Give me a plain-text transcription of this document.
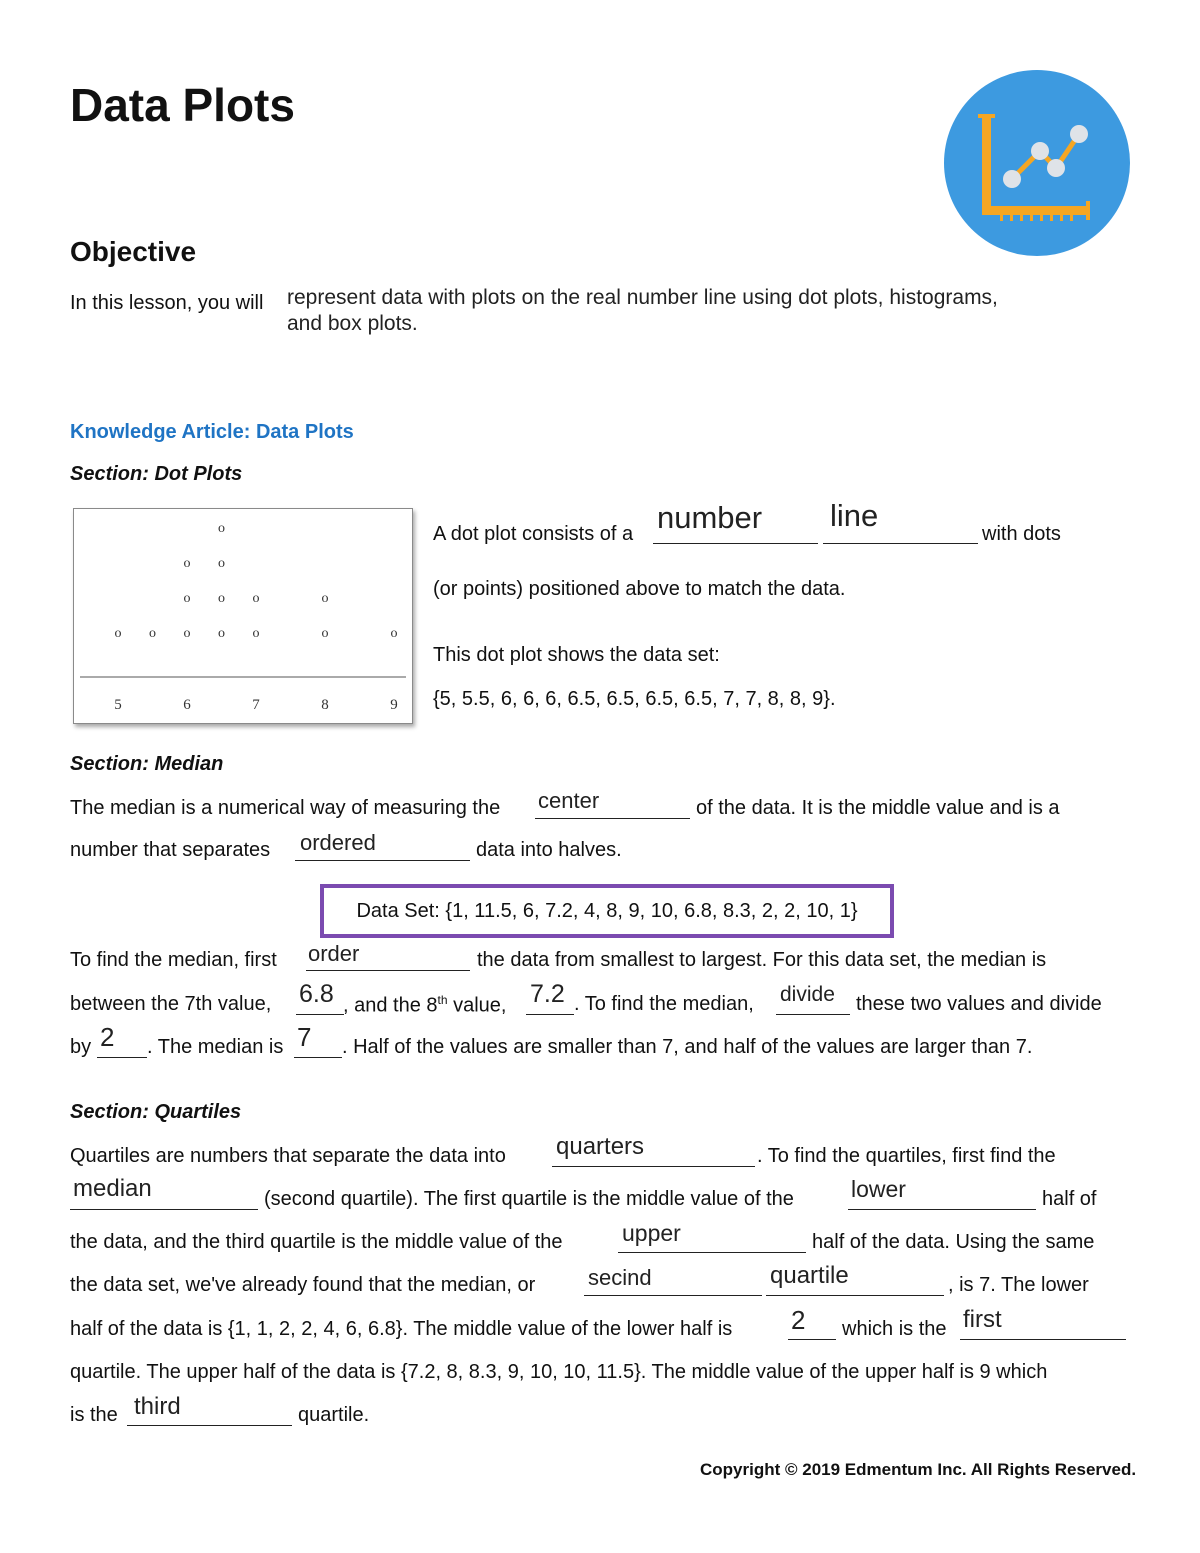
Data Plots
Objective
In this lesson, you will represent data with plots on the real number line using dot plots, histograms,
and box plots.
Knowledge Article: Data Plots
Section: Dot Plots
5	6	7	8	9
o o o
o
o
o
o
o
o
o
o
o
o
o
A dot plot consists of a number line
with dots
(or points) positioned above to match the data.
This dot plot shows the data set:
{5, 5.5, 6, 6, 6, 6.5, 6.5, 6.5, 6.5, 7, 7, 8, 8, 9}.
Section: Median
The median is a numerical way of measuring the center	of the data. It is the middle value and is a
number that separates ordered	data into halves.
Data Set: {1, 11.5, 6, 7.2, 4, 8, 9, 10, 6.8, 8.3, 2, 2, 10, 1}
To find the median, first order	the data from smallest to largest. For this data set, the median is
between the 7th value, 6.8 , and the 8th value, 7.2 . To find the median, divide these two values and divide
by 2 . The median is 7 . Half of the values are smaller than 7, and half of the values are larger than 7.
Section: Quartiles
Quartiles are numbers that separate the data into quarters	. To find the quartiles, first find the
median	(second quartile). The first quartile is the middle value of the lower	half of
the data, and the third quartile is the middle value of the	upper	half of the data. Using the same
the data set, we've already found that the median, or secind	quartile	, is 7. The lower
half of the data is {1, 1, 2, 2, 4, 6, 6.8}. The middle value of the lower half is 2 which is the first
quartile. The upper half of the data is {7.2, 8, 8.3, 9, 10, 10, 11.5}. The middle value of the upper half is 9 which
is the third	quartile.
Copyright © 2019 Edmentum Inc. All Rights Reserved.
